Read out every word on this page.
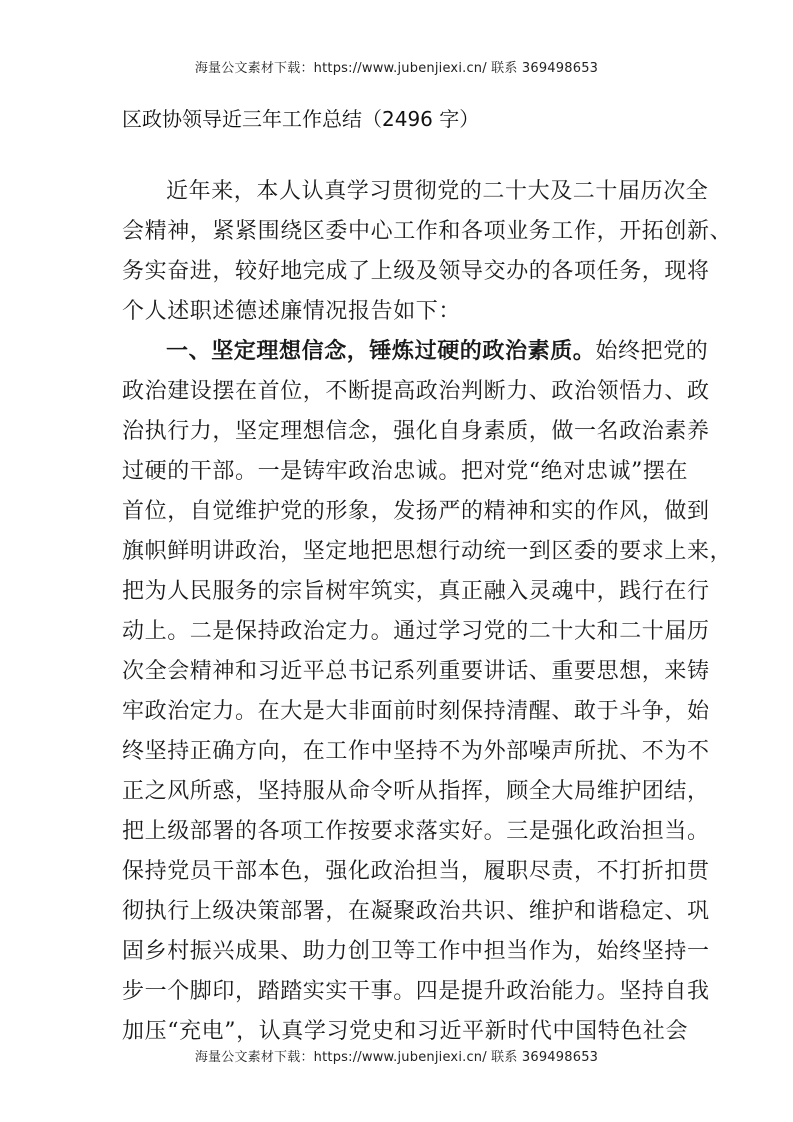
海量公文素材下载：https://www.jubenjiexi.cn/ 联系 369498653
区政协领导近三年工作总结（2496 字）
近年来，本人认真学习贯彻党的二十大及二十届历次全
会精神，紧紧围绕区委中心工作和各项业务工作，开拓创新、
务实奋进，较好地完成了上级及领导交办的各项任务，现将
个人述职述德述廉情况报告如下：
一、坚定理想信念，锤炼过硬的政治素质。始终把党的
政治建设摆在首位，不断提高政治判断力、政治领悟力、政
治执行力，坚定理想信念，强化自身素质，做一名政治素养
过硬的干部。一是铸牢政治忠诚。把对党“绝对忠诚”摆在
首位，自觉维护党的形象，发扬严的精神和实的作风，做到
旗帜鲜明讲政治，坚定地把思想行动统一到区委的要求上来，
把为人民服务的宗旨树牢筑实，真正融入灵魂中，践行在行
动上。二是保持政治定力。通过学习党的二十大和二十届历
次全会精神和习近平总书记系列重要讲话、重要思想，来铸
牢政治定力。在大是大非面前时刻保持清醒、敢于斗争，始
终坚持正确方向，在工作中坚持不为外部噪声所扰、不为不
正之风所惑，坚持服从命令听从指挥，顾全大局维护团结，
把上级部署的各项工作按要求落实好。三是强化政治担当。
保持党员干部本色，强化政治担当，履职尽责，不打折扣贯
彻执行上级决策部署，在凝聚政治共识、维护和谐稳定、巩
固乡村振兴成果、助力创卫等工作中担当作为，始终坚持一
步一个脚印，踏踏实实干事。四是提升政治能力。坚持自我
加压“充电”，认真学习党史和习近平新时代中国特色社会
海量公文素材下载：https://www.jubenjiexi.cn/ 联系 369498653
